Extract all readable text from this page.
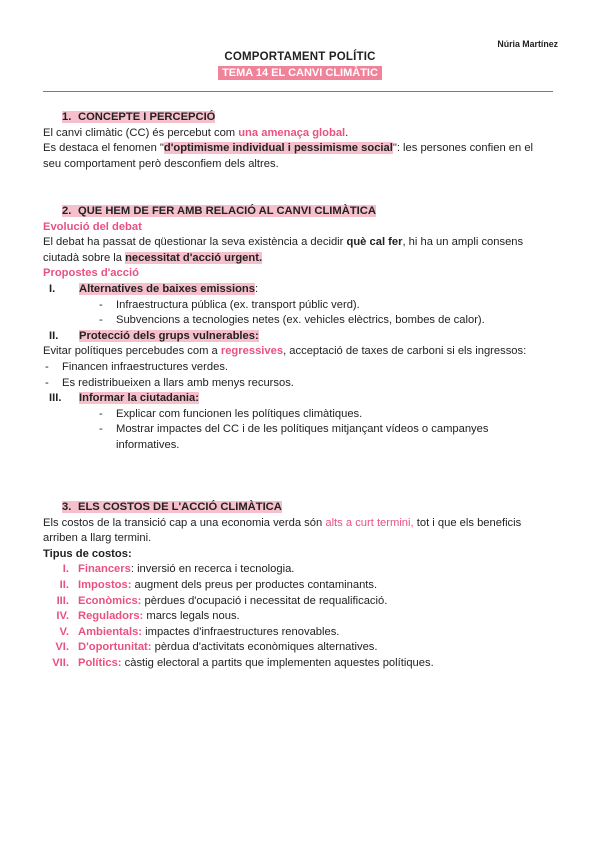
Núria Martínez
COMPORTAMENT POLÍTIC
TEMA 14 EL CANVI CLIMÀTIC
1. CONCEPTE I PERCEPCIÓ
El canvi climàtic (CC) és percebut com una amenaça global.
Es destaca el fenomen "d'optimisme individual i pessimisme social": les persones confien en el seu comportament però desconfiem dels altres.
2. QUE HEM DE FER AMB RELACIÓ AL CANVI CLIMÀTICA
Evolució del debat
El debat ha passat de qüestionar la seva existència a decidir què cal fer, hi ha un ampli consens ciutadà sobre la necessitat d'acció urgent.
Propostes d'acció
I. Alternatives de baixes emissions:
- Infraestructura pública (ex. transport públic verd).
- Subvencions a tecnologies netes (ex. vehicles elèctrics, bombes de calor).
II. Protecció dels grups vulnerables:
Evitar polítiques percebudes com a regressives, acceptació de taxes de carboni si els ingressos:
- Financen infraestructures verdes.
- Es redistribueixen a llars amb menys recursos.
III. Informar la ciutadania:
- Explicar com funcionen les polítiques climàtiques.
- Mostrar impactes del CC i de les polítiques mitjançant vídeos o campanyes informatives.
3. ELS COSTOS DE L'ACCIÓ CLIMÀTICA
Els costos de la transició cap a una economia verda són alts a curt termini, tot i que els beneficis arriben a llarg termini.
Tipus de costos:
I. Financers: inversió en recerca i tecnologia.
II. Impostos: augment dels preus per productes contaminants.
III. Econòmics: pèrdues d'ocupació i necessitat de requalificació.
IV. Reguladors: marcs legals nous.
V. Ambientals: impactes d'infraestructures renovables.
VI. D'oportunitat: pèrdua d'activitats econòmiques alternatives.
VII. Polítics: càstig electoral a partits que implementen aquestes polítiques.
